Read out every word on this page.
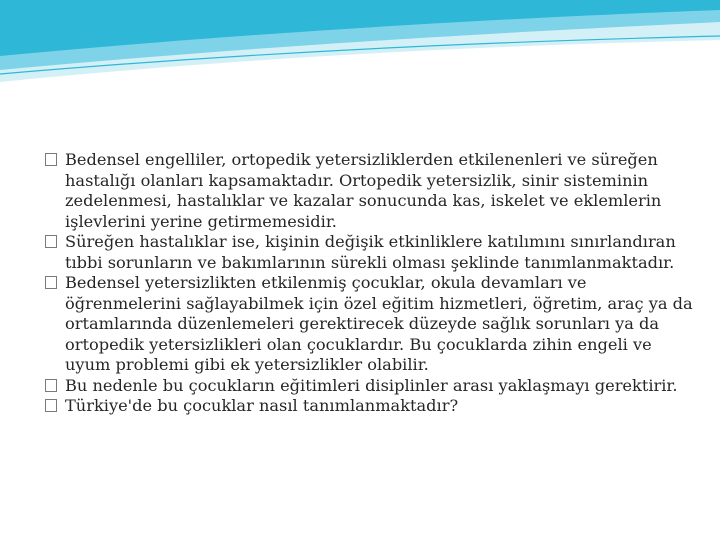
Bedensel engelliler, ortopedik yetersizliklerden etkilenenleri ve süreğen hastalığı olanları kapsamaktadır. Ortopedik yetersizlik, sinir sisteminin zedelenmesi, hastalıklar ve kazalar sonucunda kas, iskelet ve eklemlerin işlevlerini yerine getirmemesidir.

Süreğen hastalıklar ise, kişinin değişik etkinliklere katılımını sınırlandıran tıbbi sorunların ve bakımlarının sürekli olması şeklinde tanımlanmaktadır.

Bedensel yetersizlikten etkilenmiş çocuklar, okula devamları ve öğrenmelerini sağlayabilmek için özel eğitim hizmetleri, öğretim, araç ya da ortamlarında düzenlemeleri gerektirecek düzeyde sağlık sorunları ya da ortopedik yetersizlikleri olan çocuklardır. Bu çocuklarda zihin engeli ve uyum problemi gibi ek yetersizlikler olabilir.

Bu nedenle bu çocukların eğitimleri disiplinler arası yaklaşmayı gerektirir.

Türkiye'de bu çocuklar nasıl tanımlanmaktadır?
